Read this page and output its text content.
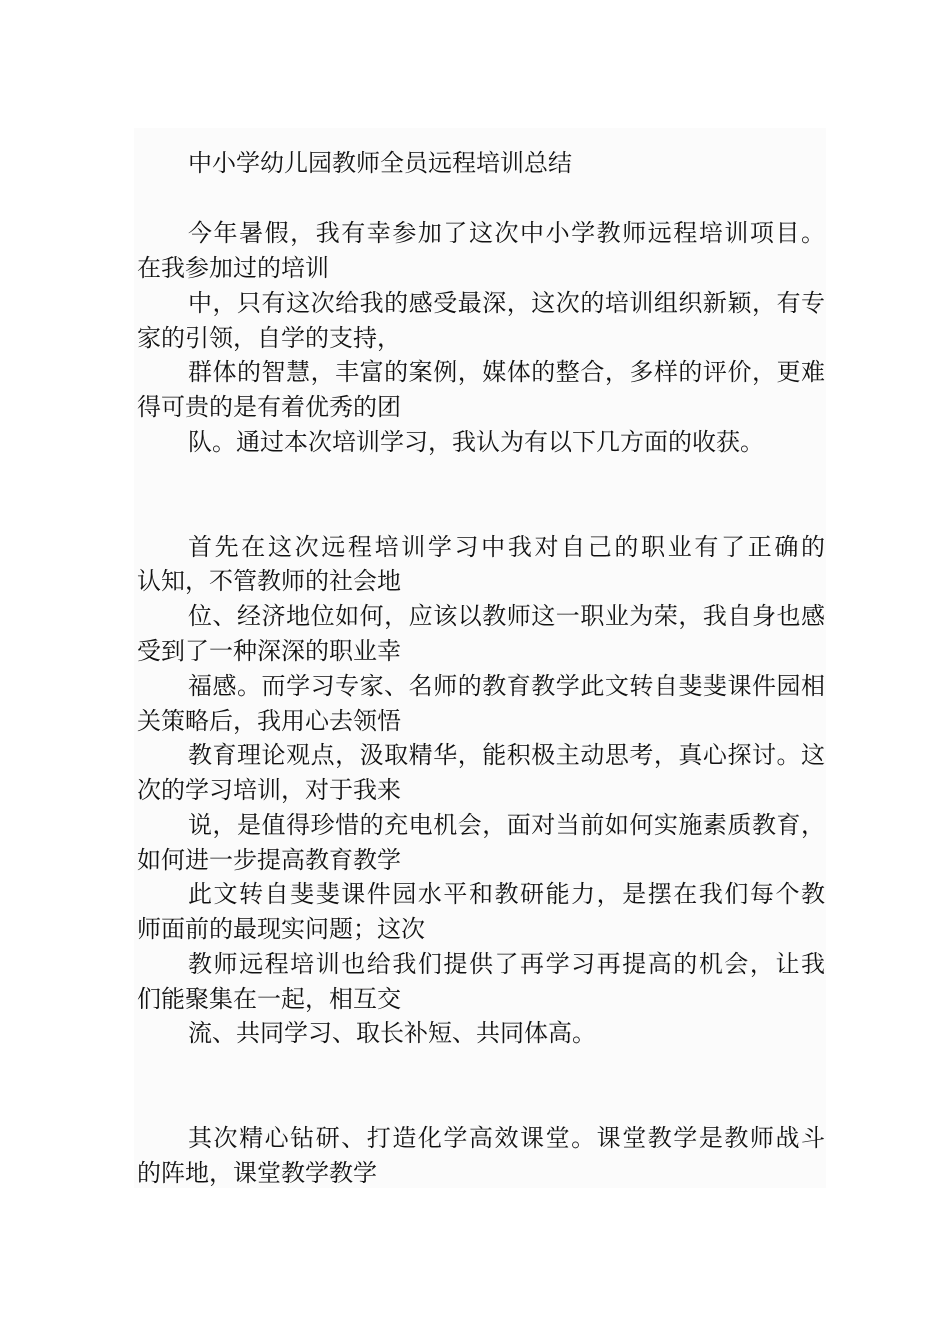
中小学幼儿园教师全员远程培训总结
今年暑假，我有幸参加了这次中小学教师远程培训项目。
在我参加过的培训
中，只有这次给我的感受最深，这次的培训组织新颖，有专
家的引领，自学的支持，
群体的智慧，丰富的案例，媒体的整合，多样的评价，更难
得可贵的是有着优秀的团
队。通过本次培训学习，我认为有以下几方面的收获。
首先在这次远程培训学习中我对自己的职业有了正确的
认知，不管教师的社会地
位、经济地位如何，应该以教师这一职业为荣，我自身也感
受到了一种深深的职业幸
福感。而学习专家、名师的教育教学此文转自斐斐课件园相
关策略后，我用心去领悟
教育理论观点，汲取精华，能积极主动思考，真心探讨。这
次的学习培训，对于我来
说，是值得珍惜的充电机会，面对当前如何实施素质教育，
如何进一步提高教育教学
此文转自斐斐课件园水平和教研能力，是摆在我们每个教
师面前的最现实问题；这次
教师远程培训也给我们提供了再学习再提高的机会，让我
们能聚集在一起，相互交
流、共同学习、取长补短、共同体高。
其次精心钻研、打造化学高效课堂。课堂教学是教师战斗
的阵地，课堂教学教学
